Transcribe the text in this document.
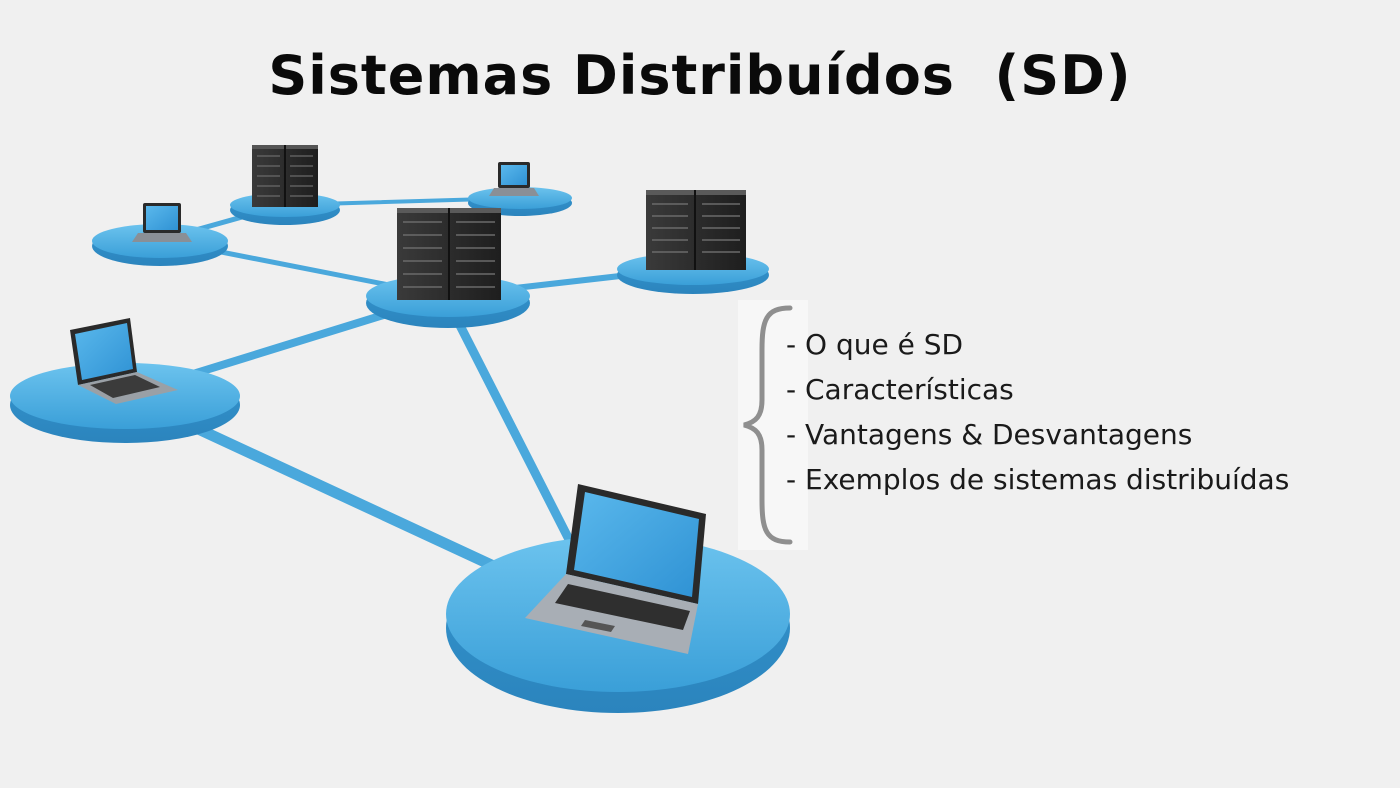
Sistemas Distribuídos  (SD)
- O que é SD
- Características
- Vantagens & Desvantagens
- Exemplos de sistemas distribuídas
